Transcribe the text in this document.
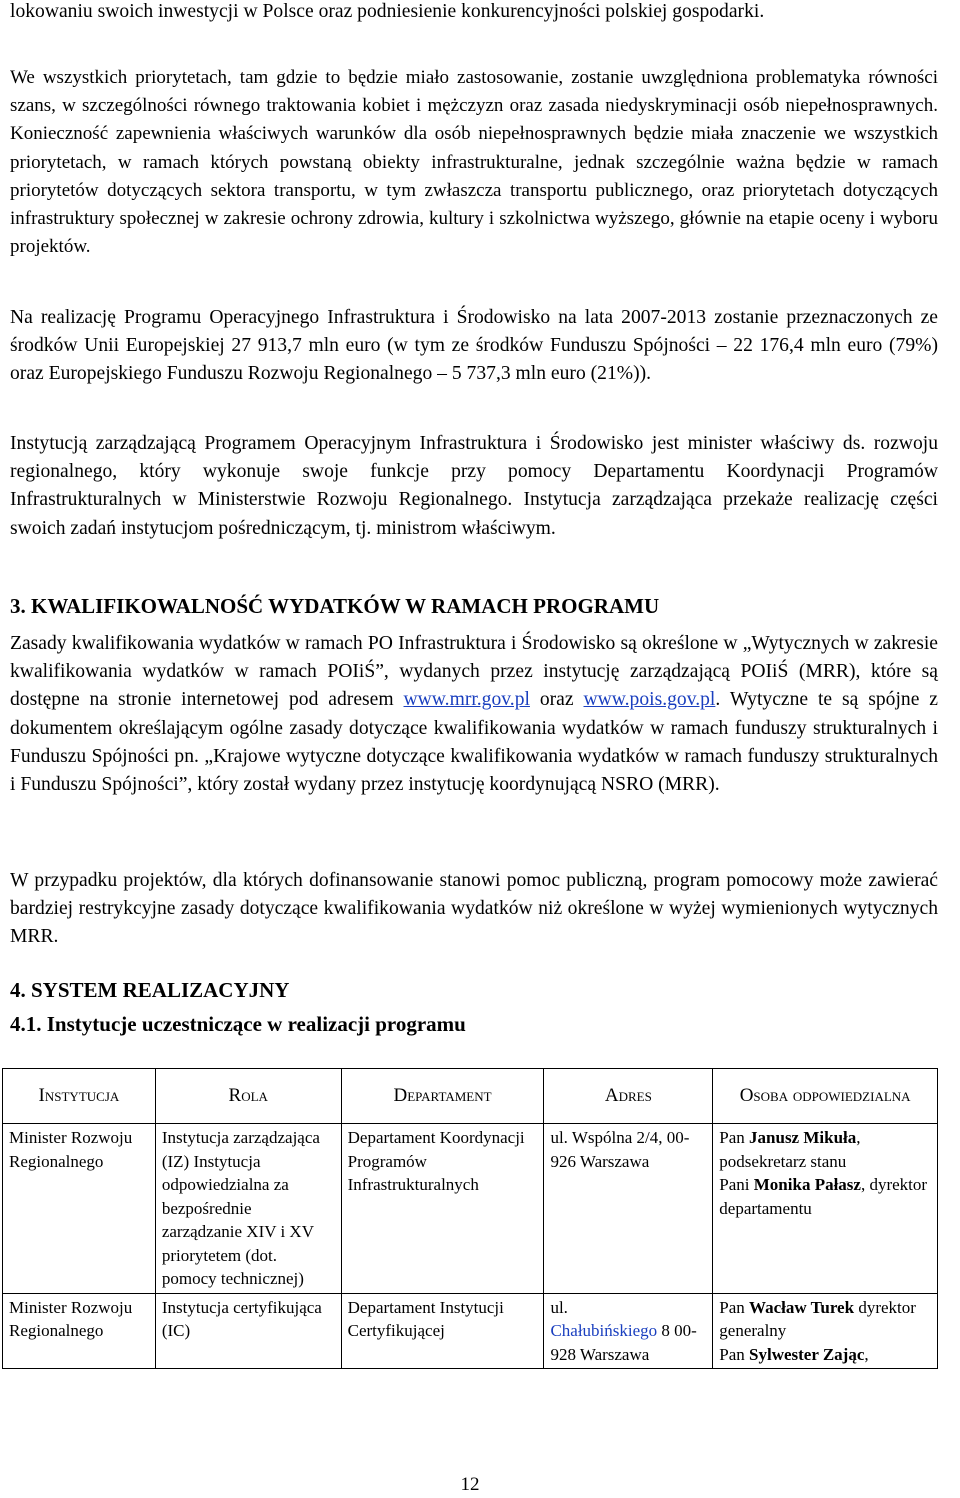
lokowaniu swoich inwestycji w Polsce oraz podniesienie konkurencyjności polskiej gospodarki.

We wszystkich priorytetach, tam gdzie to będzie miało zastosowanie, zostanie uwzględniona problematyka równości szans, w szczególności równego traktowania kobiet i mężczyzn oraz zasada niedyskryminacji osób niepełnosprawnych. Konieczność zapewnienia właściwych warunków dla osób niepełnosprawnych będzie miała znaczenie we wszystkich priorytetach, w ramach których powstaną obiekty infrastrukturalne, jednak szczególnie ważna będzie w ramach priorytetów dotyczących sektora transportu, w tym zwłaszcza transportu publicznego, oraz priorytetach dotyczących infrastruktury społecznej w zakresie ochrony zdrowia, kultury i szkolnictwa wyższego, głównie na etapie oceny i wyboru projektów.

Na realizację Programu Operacyjnego Infrastruktura i Środowisko na lata 2007-2013 zostanie przeznaczonych ze środków Unii Europejskiej 27 913,7 mln euro (w tym ze środków Funduszu Spójności – 22 176,4 mln euro (79%) oraz Europejskiego Funduszu Rozwoju Regionalnego – 5 737,3 mln euro (21%)).

Instytucją zarządzającą Programem Operacyjnym Infrastruktura i Środowisko jest minister właściwy ds. rozwoju regionalnego, który wykonuje swoje funkcje przy pomocy Departamentu Koordynacji Programów Infrastrukturalnych w Ministerstwie Rozwoju Regionalnego. Instytucja zarządzająca przekaże realizację części swoich zadań instytucjom pośredniczącym, tj. ministrom właściwym.

3. KWALIFIKOWALNOŚĆ WYDATKÓW W RAMACH PROGRAMU

Zasady kwalifikowania wydatków w ramach PO Infrastruktura i Środowisko są określone w „Wytycznych w zakresie kwalifikowania wydatków w ramach POIiŚ”, wydanych przez instytucję zarządzającą POIiŚ (MRR), które są dostępne na stronie internetowej pod adresem www.mrr.gov.pl oraz www.pois.gov.pl. Wytyczne te są spójne z dokumentem określającym ogólne zasady dotyczące kwalifikowania wydatków w ramach funduszy strukturalnych i Funduszu Spójności pn. „Krajowe wytyczne dotyczące kwalifikowania wydatków w ramach funduszy strukturalnych i Funduszu Spójności”, który został wydany przez instytucję koordynującą NSRO (MRR).

W przypadku projektów, dla których dofinansowanie stanowi pomoc publiczną, program pomocowy może zawierać bardziej restrykcyjne zasady dotyczące kwalifikowania wydatków niż określone w wyżej wymienionych wytycznych MRR.

4. SYSTEM REALIZACYJNY
4.1. Instytucje uczestniczące w realizacji programu
Instytucja	Rola	Departament	Adres	Osoba odpowiedzialna
Minister Rozwoju Regionalnego	Instytucja zarządzająca (IZ) Instytucja odpowiedzialna za bezpośrednie zarządzanie XIV i XV priorytetem (dot. pomocy technicznej)	Departament Koordynacji Programów Infrastrukturalnych	ul. Wspólna 2/4, 00-926 Warszawa	Pan Janusz Mikuła, podsekretarz stanu
Pani Monika Pałasz, dyrektor departamentu
Minister Rozwoju Regionalnego	Instytucja certyfikująca (IC)	Departament Instytucji Certyfikującej	ul.
Chałubińskiego 8 00-928 Warszawa	Pan Wacław Turek dyrektor generalny
Pan Sylwester Zając,
12
